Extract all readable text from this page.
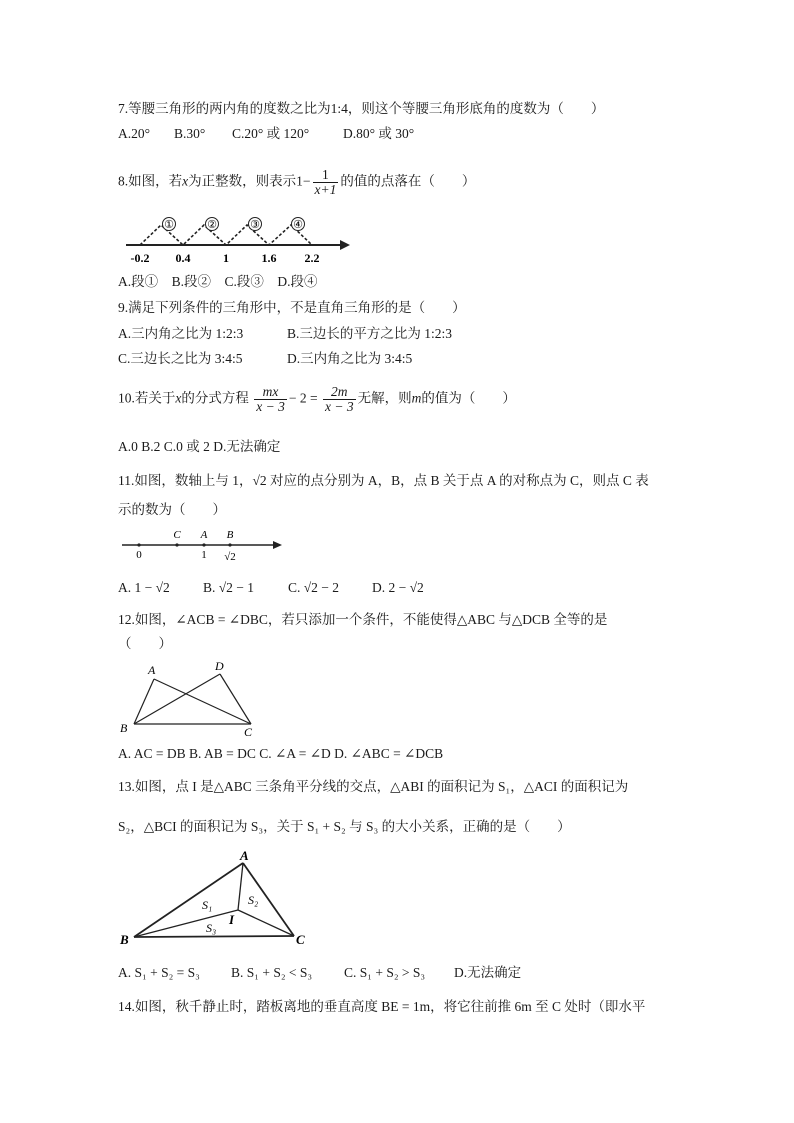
7.等腰三角形的两内角的度数之比为1:4，则这个等腰三角形底角的度数为（　　）
A.20° B.30° C.20° 或 120°	D.80° 或 30°
8.如图，若x为正整数，则表示$1- \frac{1}{x+1}$ 的值的点落在（　　）
①	②	③	④
-0.2 0.4	1	1.6 2.2
A.段①　B.段②　C.段③　D.段④
9.满足下列条件的三角形中，不是直角三角形的是（　　）
A.三内角之比为 1:2:3	B.三边长的平方之比为 1:2:3
C.三边长之比为 3:4:5	D.三内角之比为 3:4:5
10.若关于x的分式方程 $\frac{mx}{x - 3} - 2 = \frac{2m}{x - 3}$ 无解，则m的值为（　　）
A.0 B.2 C.0 或 2 D.无法确定
11.如图，数轴上与 1，√2 对应的点分别为 A，B，点 B 关于点 A 的对称点为 C，则点 C 表
示的数为（　　）
C A B
0	1 √2
A. 1 − √2 B. √2 − 1	C. √2 − 2 D. 2 − √2
12.如图，∠ACB = ∠DBC，若只添加一个条件，不能使得△ABC 与△DCB 全等的是
（　　）
A	D
B	C
A. AC = DB B. AB = DC C. ∠A = ∠D D. ∠ABC = ∠DCB
13.如图，点 I 是△ABC 三条角平分线的交点，△ABI 的面积记为 S₁，△ACI 的面积记为
S₂，△BCI 的面积记为 S₃，关于 S₁ + S₂ 与 S₃ 的大小关系，正确的是（　　）
A
B	C
I
S₁	S₂
S₃
A. S₁ + S₂ = S₃ B. S₁ + S₂ < S₃ C. S₁ + S₂ > S₃ D.无法确定
14.如图，秋千静止时，踏板离地的垂直高度 BE = 1m，将它往前推 6m 至 C 处时（即水平
